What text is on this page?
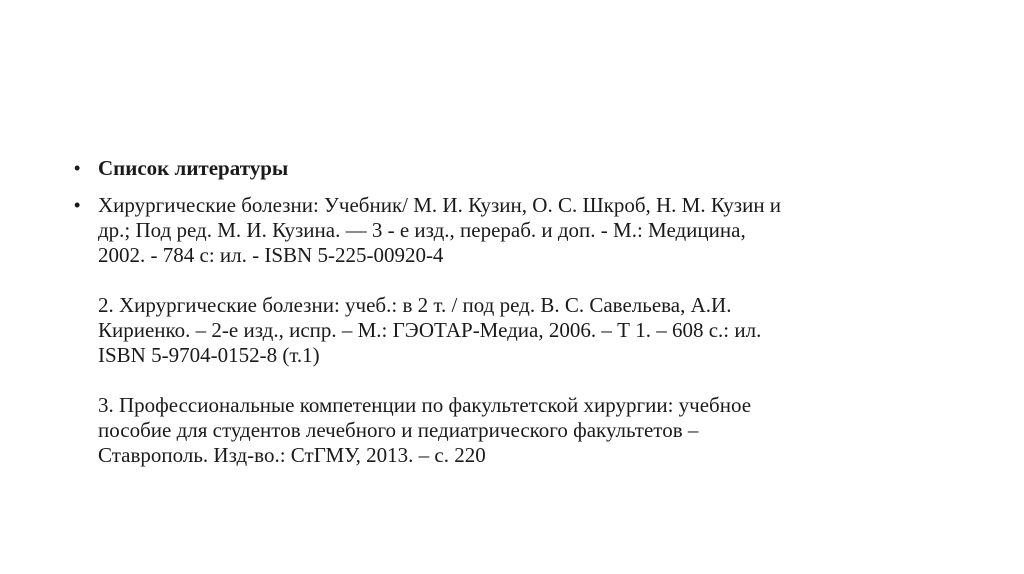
• Список литературы
• Хирургические болезни: Учебник/ М. И. Кузин, О. С. Шкроб, Н. М. Кузин и
др.; Под ред. М. И. Кузина. — 3 - е изд., перераб. и доп. - М.: Медицина,
2002. - 784 с: ил. - ISBN 5-225-00920-4
2. Хирургические болезни: учеб.: в 2 т. / под ред. В. С. Савельева, А.И.
Кириенко. – 2-е изд., испр. – М.: ГЭОТАР-Медиа, 2006. – Т 1. – 608 с.: ил.
ISBN 5-9704-0152-8 (т.1)
3. Профессиональные компетенции по факультетской хирургии: учебное
пособие для студентов лечебного и педиатрического факультетов –
Ставрополь. Изд-во.: СтГМУ, 2013. – с. 220
